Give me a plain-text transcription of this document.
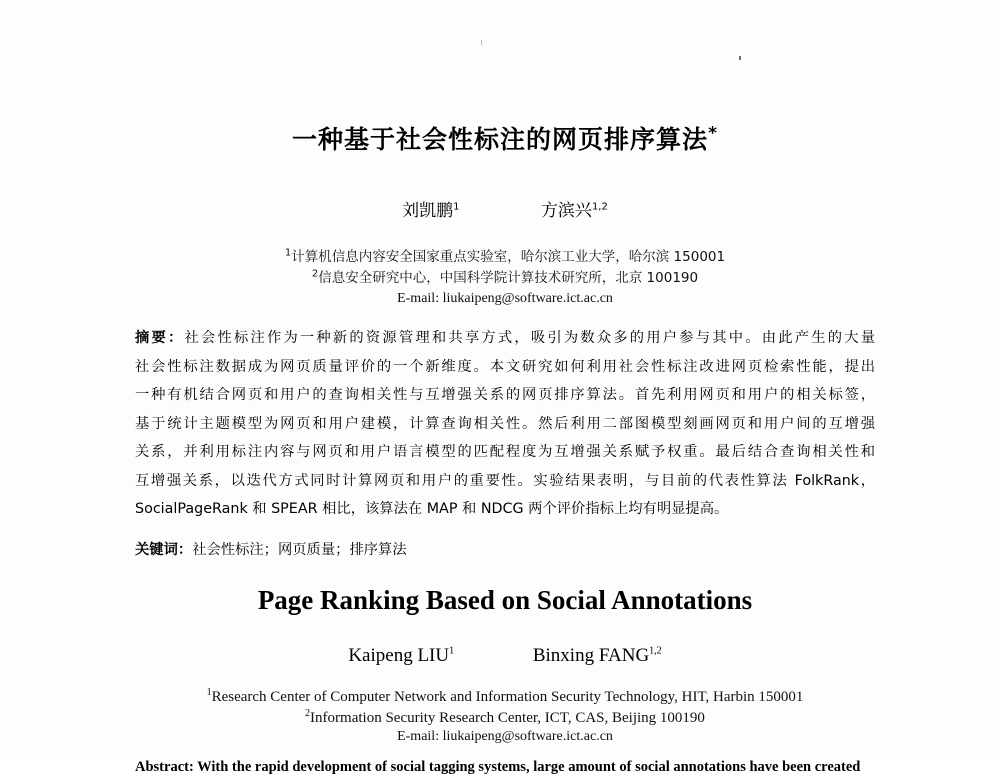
一种基于社会性标注的网页排序算法*
刘凯鹏$^1$	方滨兴$^{1,2}$
$^1$计算机信息内容安全国家重点实验室，哈尔滨工业大学，哈尔滨 150001
$^2$信息安全研究中心，中国科学院计算技术研究所，北京 100190
E-mail: liukaipeng@software.ict.ac.cn
摘要：社会性标注作为一种新的资源管理和共享方式，吸引为数众多的用户参与其中。由此产生的大量
社会性标注数据成为网页质量评价的一个新维度。本文研究如何利用社会性标注改进网页检索性能，提出
一种有机结合网页和用户的查询相关性与互增强关系的网页排序算法。首先利用网页和用户的相关标签，
基于统计主题模型为网页和用户建模，计算查询相关性。然后利用二部图模型刻画网页和用户间的互增强
关系，并利用标注内容与网页和用户语言模型的匹配程度为互增强关系赋予权重。最后结合查询相关性和
互增强关系，以迭代方式同时计算网页和用户的重要性。实验结果表明，与目前的代表性算法 FolkRank，
SocialPageRank 和 SPEAR 相比，该算法在 MAP 和 NDCG 两个评价指标上均有明显提高。
关键词：社会性标注；网页质量；排序算法
Page Ranking Based on Social Annotations
Kaipeng LIU$^1$	Binxing FANG$^{1,2}$
$^1$Research Center of Computer Network and Information Security Technology, HIT, Harbin 150001
$^2$Information Security Research Center, ICT, CAS, Beijing 100190
E-mail: liukaipeng@software.ict.ac.cn
Abstract: With the rapid development of social tagging systems, large amount of social annotations have been created
